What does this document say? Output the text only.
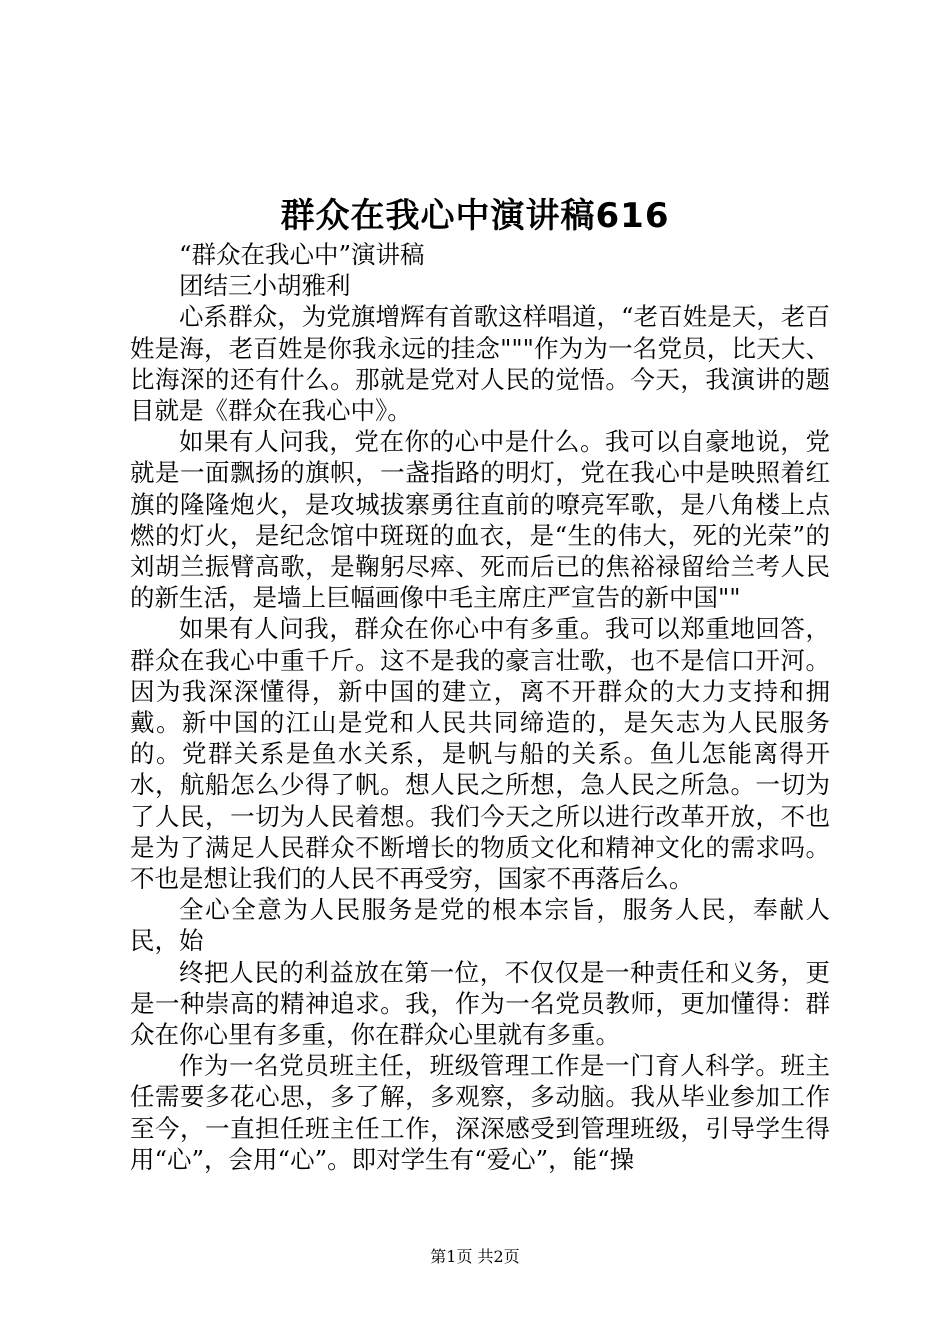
群众在我心中演讲稿616

“群众在我心中”演讲稿

团结三小胡雅利

心系群众，为党旗增辉有首歌这样唱道，“老百姓是天，老百姓是海，老百姓是你我永远的挂念"""作为为一名党员，比天大、比海深的还有什么。那就是党对人民的觉悟。今天，我演讲的题目就是《群众在我心中》。

如果有人问我，党在你的心中是什么。我可以自豪地说，党就是一面飘扬的旗帜，一盏指路的明灯，党在我心中是映照着红旗的隆隆炮火，是攻城拔寨勇往直前的嘹亮军歌，是八角楼上点燃的灯火，是纪念馆中斑斑的血衣，是“生的伟大，死的光荣”的刘胡兰振臂高歌，是鞠躬尽瘁、死而后已的焦裕禄留给兰考人民的新生活，是墙上巨幅画像中毛主席庄严宣告的新中国""

如果有人问我，群众在你心中有多重。我可以郑重地回答，群众在我心中重千斤。这不是我的豪言壮歌，也不是信口开河。因为我深深懂得，新中国的建立，离不开群众的大力支持和拥戴。新中国的江山是党和人民共同缔造的，是矢志为人民服务的。党群关系是鱼水关系，是帆与船的关系。鱼儿怎能离得开水，航船怎么少得了帆。想人民之所想，急人民之所急。一切为了人民，一切为人民着想。我们今天之所以进行改革开放，不也是为了满足人民群众不断增长的物质文化和精神文化的需求吗。不也是想让我们的人民不再受穷，国家不再落后么。

全心全意为人民服务是党的根本宗旨，服务人民，奉献人民，始

终把人民的利益放在第一位，不仅仅是一种责任和义务，更是一种崇高的精神追求。我，作为一名党员教师，更加懂得：群众在你心里有多重，你在群众心里就有多重。

作为一名党员班主任，班级管理工作是一门育人科学。班主任需要多花心思，多了解，多观察，多动脑。我从毕业参加工作至今，一直担任班主任工作，深深感受到管理班级，引导学生得用“心”，会用“心”。即对学生有“爱心”，能“操

第1页 共2页
